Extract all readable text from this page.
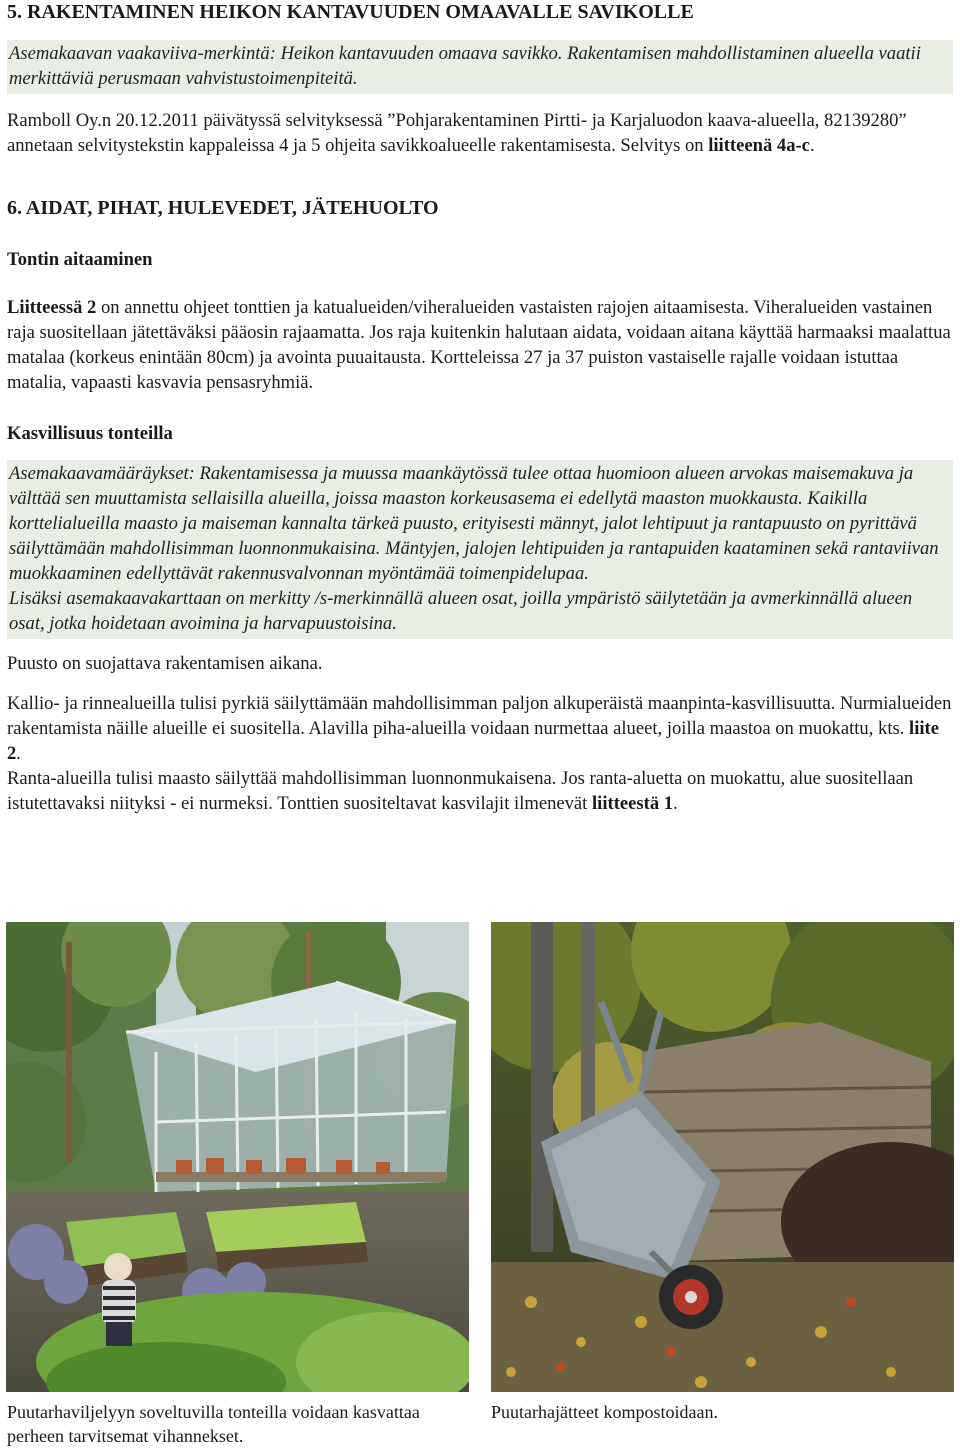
5. RAKENTAMINEN HEIKON KANTAVUUDEN OMAAVALLE SAVIKOLLE
Asemakaavan vaakaviiva-merkintä: Heikon kantavuuden omaava savikko. Rakentamisen mahdollistaminen alueella vaatii merkittäviä perusmaan vahvistustoimenpiteitä.

Ramboll Oy.n 20.12.2011 päivätyssä selvityksessä ”Pohjarakentaminen Pirtti- ja Karjaluodon kaava-alueella, 82139280” annetaan selvitystekstin kappaleissa 4 ja 5 ohjeita savikkoalueelle rakentamisesta. Selvitys on liitteenä 4a-c.

6. AIDAT, PIHAT, HULEVEDET, JÄTEHUOLTO
Tontin aitaaminen

Liitteessä 2 on annettu ohjeet tonttien ja katualueiden/viheralueiden vastaisten rajojen aitaamisesta. Viheralueiden vastainen raja suositellaan jätettäväksi pääosin rajaamatta. Jos raja kuitenkin halutaan aidata, voidaan aitana käyttää harmaaksi maalattua matalaa (korkeus enintään 80cm) ja avointa puuaitausta. Kortteleissa 27 ja 37 puiston vastaiselle rajalle voidaan istuttaa matalia, vapaasti kasvavia pensasryhmiä.

Kasvillisuus tonteilla
Asemakaavamääräykset: Rakentamisessa ja muussa maankäytössä tulee ottaa huomioon alueen arvokas maisemakuva ja välttää sen muuttamista sellaisilla alueilla, joissa maaston korkeusasema ei edellytä maaston muokkausta. Kaikilla korttelialueilla maasto ja maiseman kannalta tärkeä puusto, erityisesti männyt, jalot lehtipuut ja rantapuusto on pyrittävä säilyttämään mahdollisimman luonnonmukaisina. Mäntyjen, jalojen lehtipuiden ja rantapuiden kaataminen sekä rantaviivan muokkaaminen edellyttävät rakennusvalvonnan myöntämää toimenpidelupaa.
Lisäksi asemakaavakarttaan on merkitty /s-merkinnällä alueen osat, joilla ympäristö säilytetään ja avmerkinnällä alueen osat, jotka hoidetaan avoimina ja harvapuustoisina.

Puusto on suojattava rakentamisen aikana.

Kallio- ja rinnealueilla tulisi pyrkiä säilyttämään mahdollisimman paljon alkuperäistä maanpinta-kasvillisuutta. Nurmialueiden rakentamista näille alueille ei suositella. Alavilla piha-alueilla voidaan nurmettaa alueet, joilla maastoa on muokattu, kts. liite 2.

Ranta-alueilla tulisi maasto säilyttää mahdollisimman luonnonmukaisena. Jos ranta-aluetta on muokattu, alue suositellaan istutettavaksi niityksi - ei nurmeksi. Tonttien suositeltavat kasvilajit ilmenevät liitteestä 1.

Puutarhaviljelyyn soveltuvilla tonteilla voidaan kasvattaa perheen tarvitsemat vihannekset.
Puutarhajätteet kompostoidaan.
